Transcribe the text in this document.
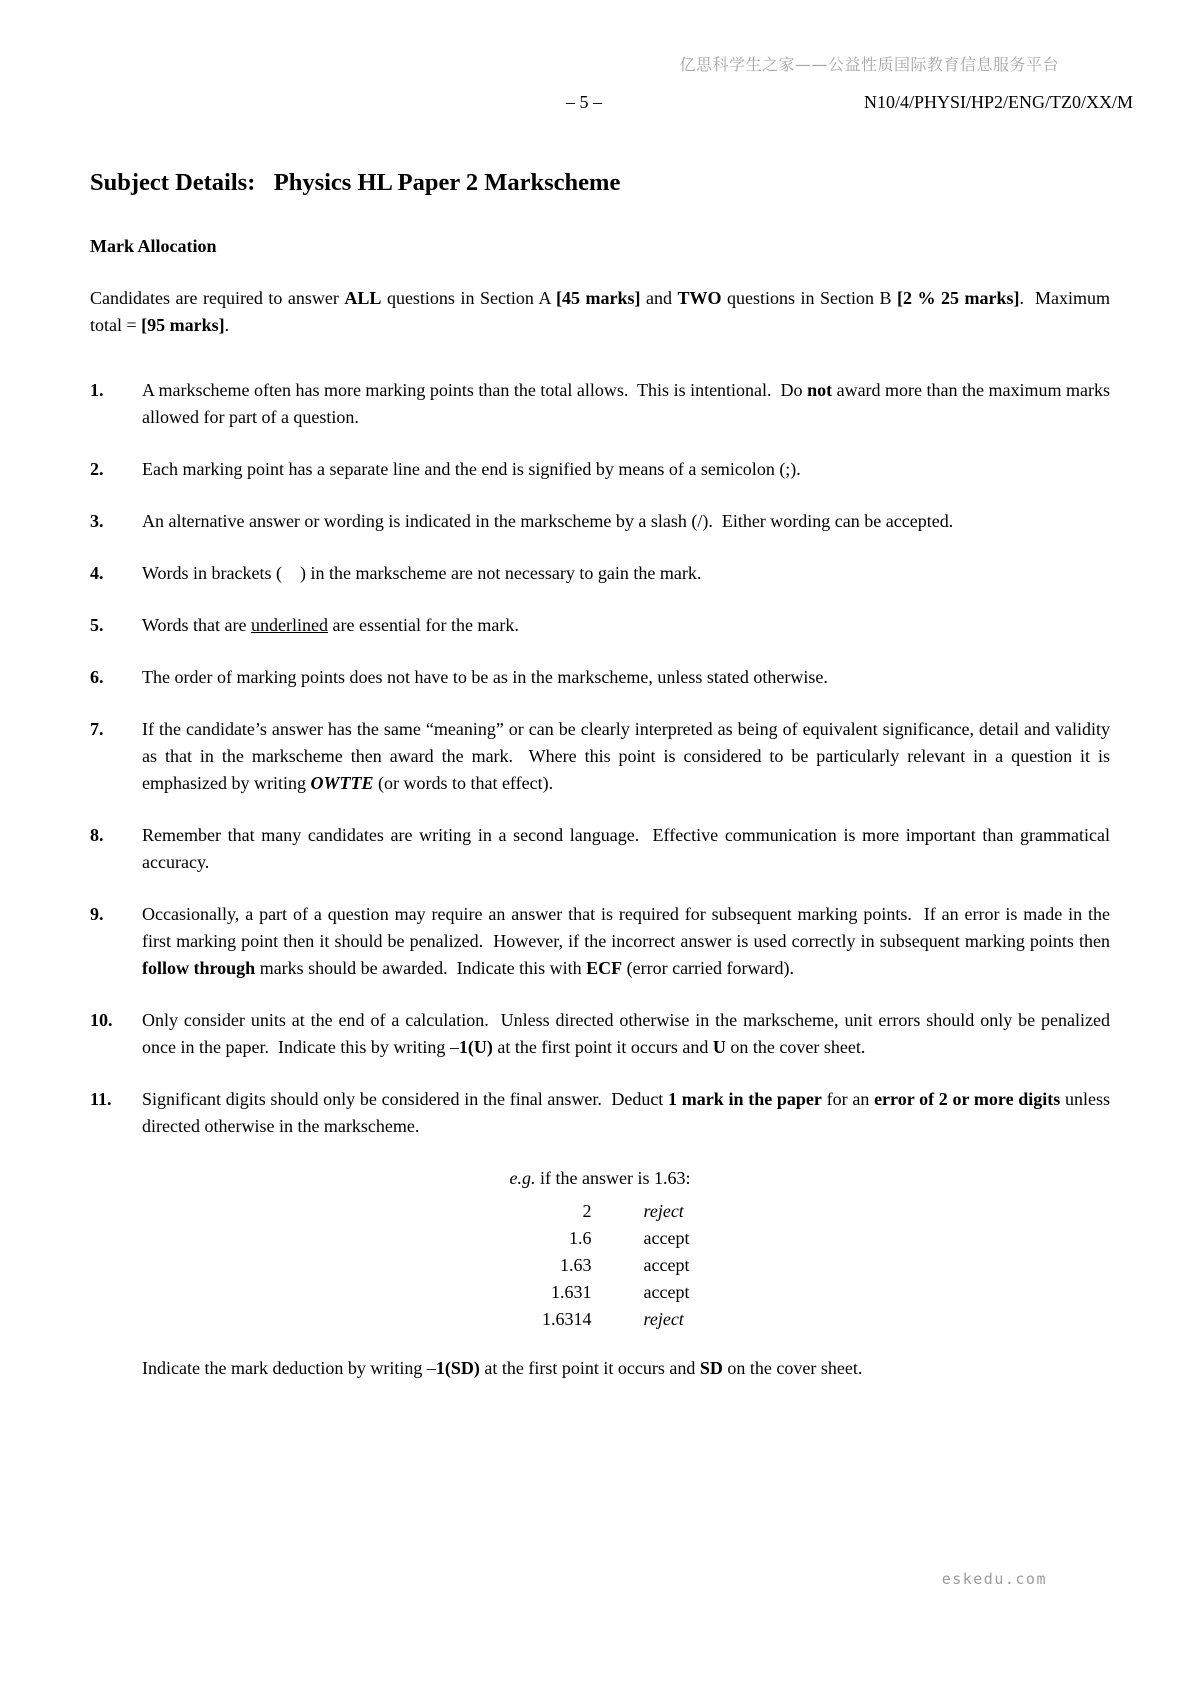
亿思科学生之家——公益性质国际教育信息服务平台
– 5 –	N10/4/PHYSI/HP2/ENG/TZ0/XX/M
Subject Details:   Physics HL Paper 2 Markscheme
Mark Allocation

Candidates are required to answer ALL questions in Section A [45 marks] and TWO questions in Section B [2 % 25 marks].  Maximum total = [95 marks].

1.	A markscheme often has more marking points than the total allows.  This is intentional.  Do not award more than the maximum marks allowed for part of a question.

2.	Each marking point has a separate line and the end is signified by means of a semicolon (;).

3.	An alternative answer or wording is indicated in the markscheme by a slash (/).  Either wording can be accepted.

4.	Words in brackets (    ) in the markscheme are not necessary to gain the mark.

5.	Words that are underlined are essential for the mark.

6.	The order of marking points does not have to be as in the markscheme, unless stated otherwise.

7.	If the candidate’s answer has the same “meaning” or can be clearly interpreted as being of equivalent significance, detail and validity as that in the markscheme then award the mark.  Where this point is considered to be particularly relevant in a question it is emphasized by writing OWTTE (or words to that effect).

8.	Remember that many candidates are writing in a second language.  Effective communication is more important than grammatical accuracy.

9.	Occasionally, a part of a question may require an answer that is required for subsequent marking points.  If an error is made in the first marking point then it should be penalized.  However, if the incorrect answer is used correctly in subsequent marking points then follow through marks should be awarded.  Indicate this with ECF (error carried forward).

10.	Only consider units at the end of a calculation.  Unless directed otherwise in the markscheme, unit errors should only be penalized once in the paper.  Indicate this by writing –1(U) at the first point it occurs and U on the cover sheet.

11.	Significant digits should only be considered in the final answer.  Deduct 1 mark in the paper for an error of 2 or more digits unless directed otherwise in the markscheme.

e.g. if the answer is 1.63:

2	reject
1.6	accept
1.63	accept
1.631	accept
1.6314	reject

Indicate the mark deduction by writing –1(SD) at the first point it occurs and SD on the cover sheet.

eskedu.com
